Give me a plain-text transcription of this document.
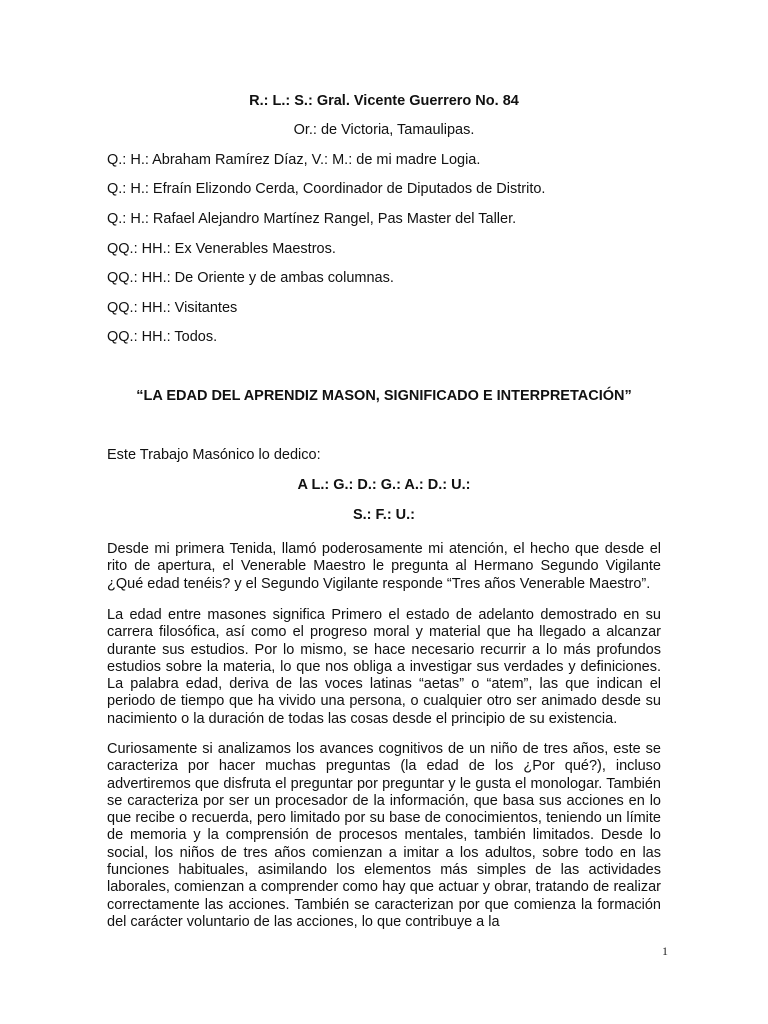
R.: L.: S.: Gral. Vicente Guerrero No. 84
Or.: de Victoria, Tamaulipas.
Q.: H.: Abraham Ramírez Díaz, V.: M.: de mi madre Logia.
Q.: H.: Efraín Elizondo Cerda, Coordinador de Diputados de Distrito.
Q.: H.: Rafael Alejandro Martínez Rangel, Pas Master del Taller.
QQ.: HH.: Ex Venerables Maestros.
QQ.: HH.: De Oriente y de ambas columnas.
QQ.: HH.: Visitantes
QQ.: HH.: Todos.
“LA EDAD DEL APRENDIZ MASON, SIGNIFICADO E INTERPRETACIÓN”
Este Trabajo Masónico lo dedico:
A L.: G.: D.: G.: A.: D.: U.:
S.: F.: U.:
Desde mi primera Tenida, llamó poderosamente mi atención, el hecho que desde el rito de apertura, el Venerable Maestro le pregunta al Hermano Segundo Vigilante ¿Qué edad tenéis? y el Segundo Vigilante responde “Tres años Venerable Maestro”.
La edad entre masones significa Primero el estado de adelanto demostrado en su carrera filosófica, así como el progreso moral y material que ha llegado a alcanzar durante sus estudios. Por lo mismo, se hace necesario recurrir a lo más profundos estudios sobre la materia, lo que nos obliga a investigar sus verdades y definiciones. La palabra edad, deriva de las voces latinas “aetas” o “atem”, las que indican el periodo de tiempo que ha vivido una persona, o cualquier otro ser animado desde su nacimiento o la duración de todas las cosas desde el principio de su existencia.
Curiosamente si analizamos los avances cognitivos de un niño de tres años, este se caracteriza por hacer muchas preguntas (la edad de los ¿Por qué?), incluso advertiremos que disfruta el preguntar por preguntar y le gusta el monologar. También se caracteriza por ser un procesador de la información, que basa sus acciones en lo que recibe o recuerda, pero limitado por su base de conocimientos, teniendo un límite de memoria y la comprensión de procesos mentales, también limitados. Desde lo social, los niños de tres años comienzan a imitar a los adultos, sobre todo en las funciones habituales, asimilando los elementos más simples de las actividades laborales, comienzan a comprender como hay que actuar y obrar, tratando de realizar correctamente las acciones. También se caracterizan por que comienza la formación del carácter voluntario de las acciones, lo que contribuye a la
1
